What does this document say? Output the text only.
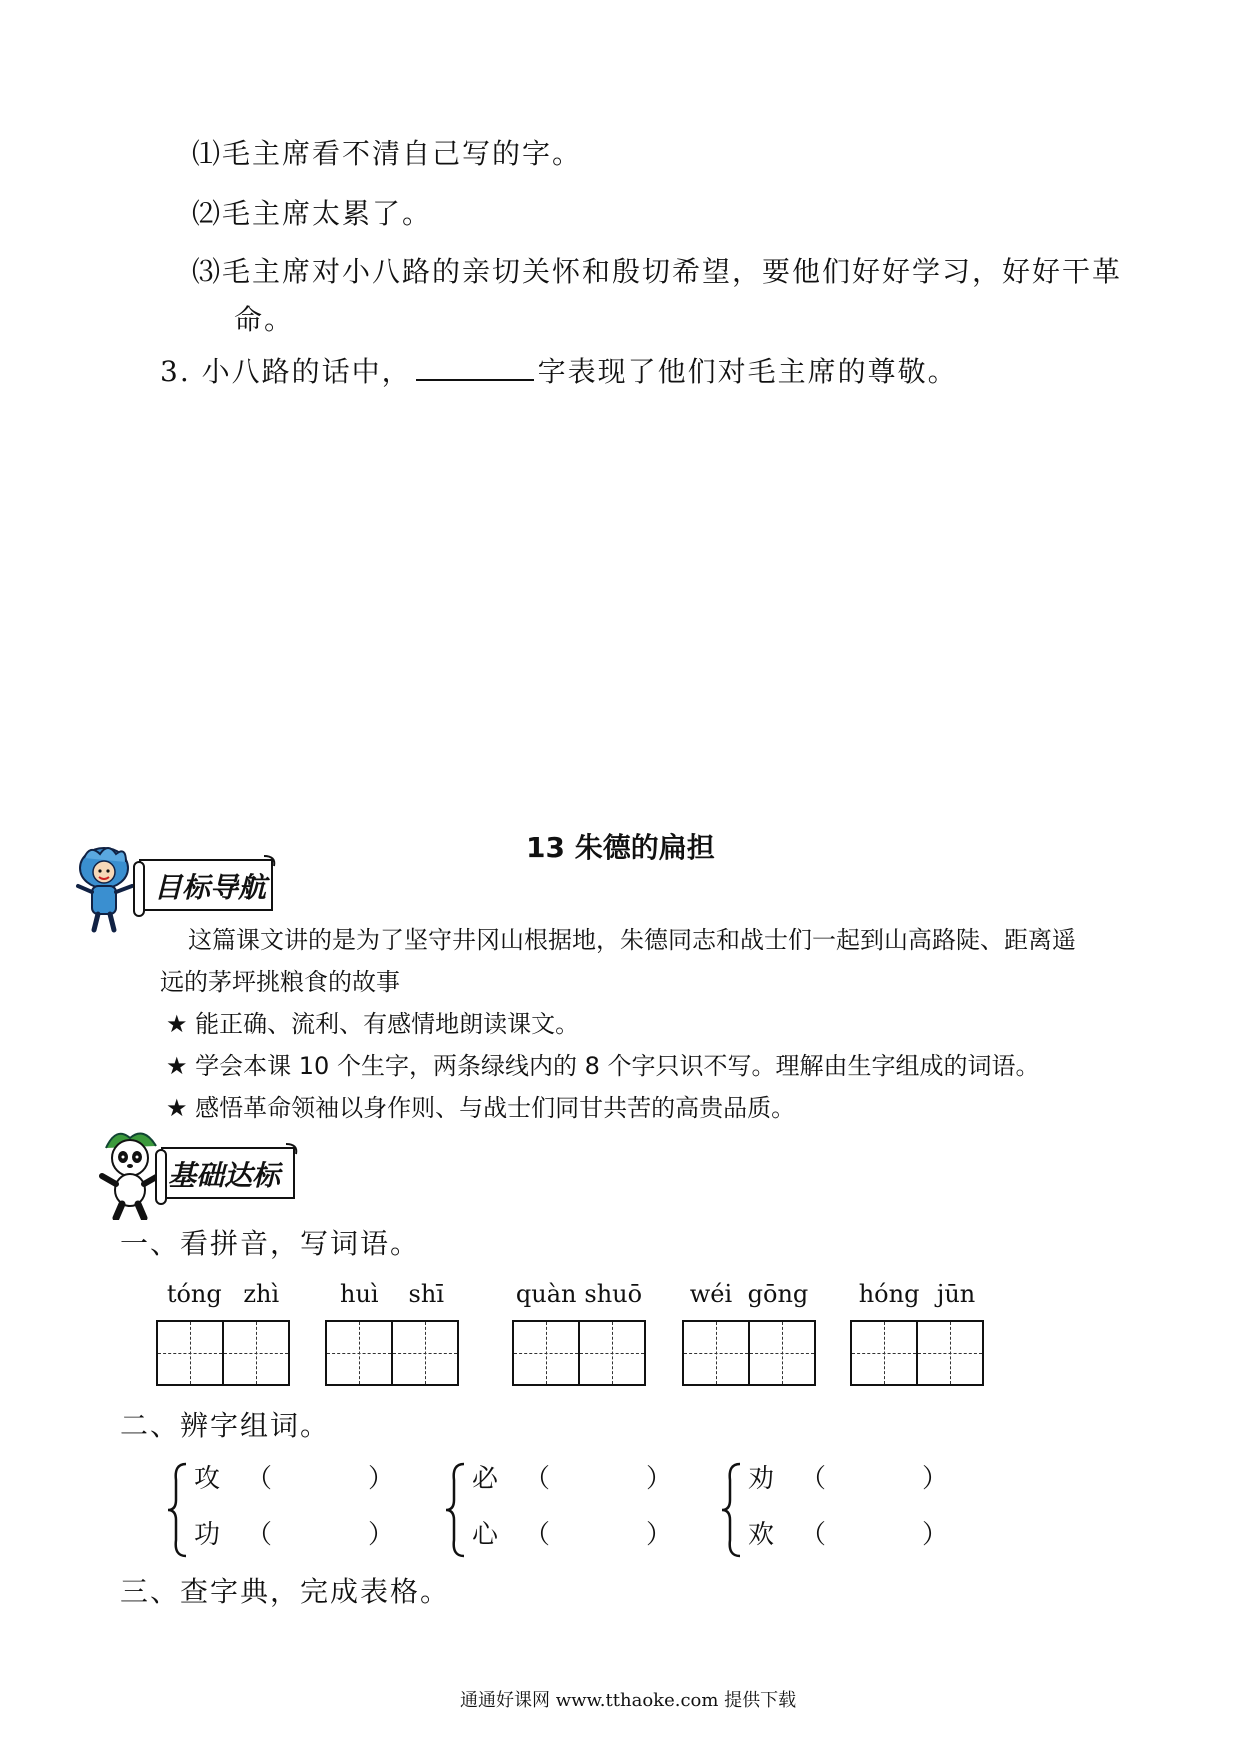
⑴毛主席看不清自己写的字。
⑵毛主席太累了。
⑶毛主席对小八路的亲切关怀和殷切希望，要他们好好学习，好好干革
命。
3. 小八路的话中，	字表现了他们对毛主席的尊敬。
13 朱德的扁担
目标导航
这篇课文讲的是为了坚守井冈山根据地，朱德同志和战士们一起到山高路陡、距离遥
远的茅坪挑粮食的故事
★ 能正确、流利、有感情地朗读课文。
★ 学会本课 10 个生字，两条绿线内的 8 个字只识不写。理解由生字组成的词语。
★ 感悟革命领袖以身作则、与战士们同甘共苦的高贵品质。
基础达标
一、看拼音，写词语。
tóng zhì	huì shī	quàn shuō wéi gōng hóng jūn
二、辨字组词。
攻 （	）
功 （	）
必 （	）
心 （	）
劝 （	）
欢 （	）
三、查字典，完成表格。
通通好课网 www.tthaoke.com 提供下载
